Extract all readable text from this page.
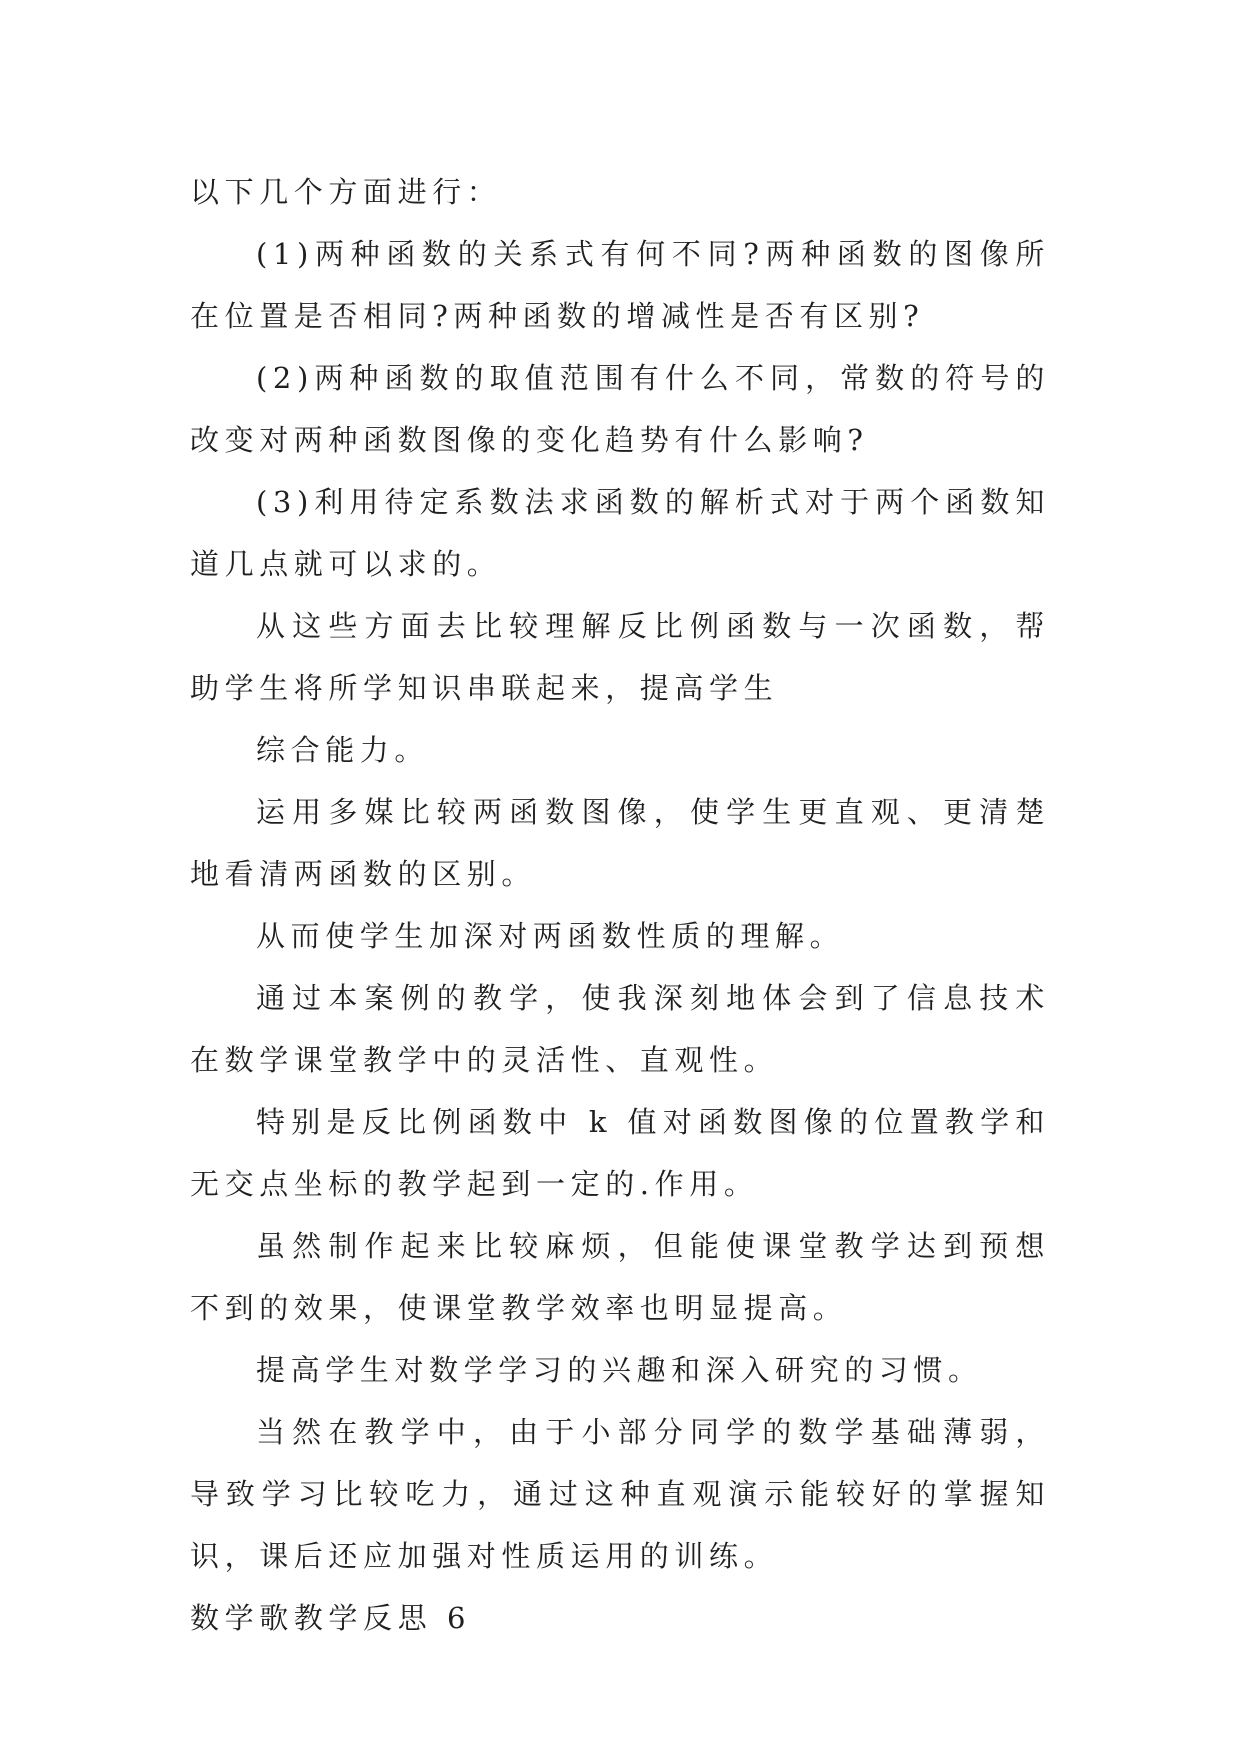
以下几个方面进行：

(1)两种函数的关系式有何不同?两种函数的图像所在位置是否相同?两种函数的增减性是否有区别?

(2)两种函数的取值范围有什么不同，常数的符号的改变对两种函数图像的变化趋势有什么影响?

(3)利用待定系数法求函数的解析式对于两个函数知道几点就可以求的。

从这些方面去比较理解反比例函数与一次函数，帮助学生将所学知识串联起来，提高学生

综合能力。

运用多媒比较两函数图像，使学生更直观、更清楚地看清两函数的区别。

从而使学生加深对两函数性质的理解。

通过本案例的教学，使我深刻地体会到了信息技术在数学课堂教学中的灵活性、直观性。

特别是反比例函数中 k 值对函数图像的位置教学和无交点坐标的教学起到一定的.作用。

虽然制作起来比较麻烦，但能使课堂教学达到预想不到的效果，使课堂教学效率也明显提高。

提高学生对数学学习的兴趣和深入研究的习惯。

当然在教学中，由于小部分同学的数学基础薄弱，导致学习比较吃力，通过这种直观演示能较好的掌握知识，课后还应加强对性质运用的训练。

数学歌教学反思 6
